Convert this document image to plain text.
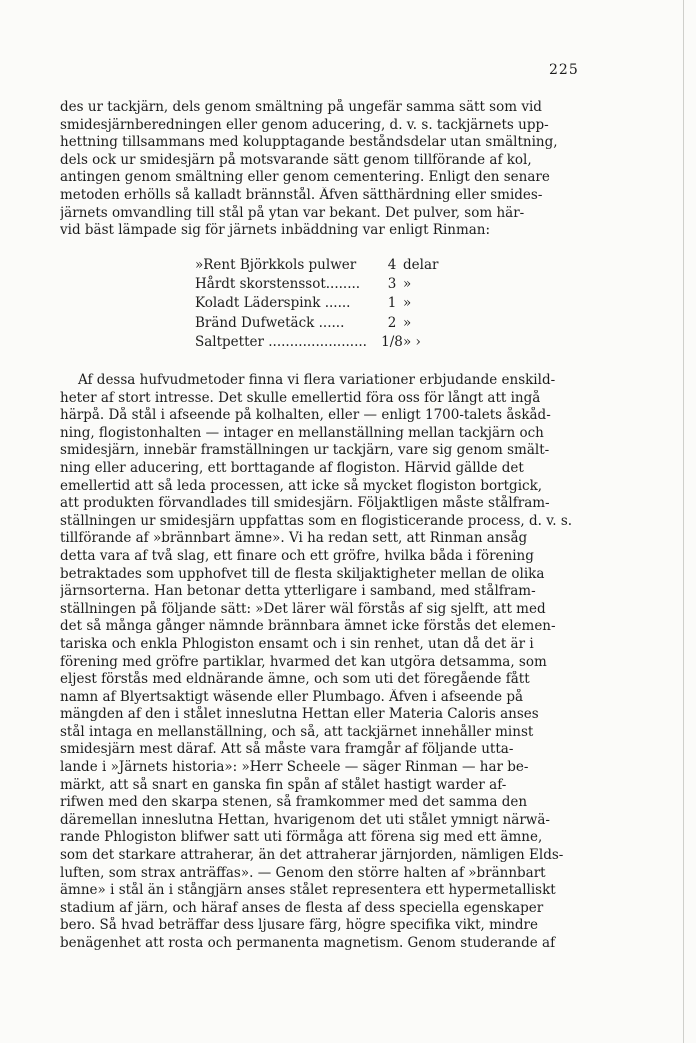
225

des ur tackjärn, dels genom smältning på ungefär samma sätt som vid
smidesjärnberedningen eller genom aducering, d. v. s. tackjärnets upp-
hettning tillsammans med kolupptagande beståndsdelar utan smältning,
dels ock ur smidesjärn på motsvarande sätt genom tillförande af kol,
antingen genom smältning eller genom cementering. Enligt den senare
metoden erhölls så kalladt brännstål. Äfven sätthärdning eller smides-
järnets omvandling till stål på ytan var bekant. Det pulver, som här-
vid bäst lämpade sig för järnets inbäddning var enligt Rinman:

»Rent Björkkols pulwer	4 delar
Hårdt skorstenssot........	3 »
Koladt Läderspink ......	1 »
Bränd Dufwetäck ......	2 »
Saltpetter .......................	1/8 » ›

Af dessa hufvudmetoder finna vi flera variationer erbjudande enskild-
heter af stort intresse. Det skulle emellertid föra oss för långt att ingå
härpå. Då stål i afseende på kolhalten, eller — enligt 1700-talets åskåd-
ning, flogistonhalten — intager en mellanställning mellan tackjärn och
smidesjärn, innebär framställningen ur tackjärn, vare sig genom smält-
ning eller aducering, ett borttagande af flogiston. Härvid gällde det
emellertid att så leda processen, att icke så mycket flogiston bortgick,
att produkten förvandlades till smidesjärn. Följaktligen måste stålfram-
ställningen ur smidesjärn uppfattas som en flogisticerande process, d. v. s.
tillförande af »brännbart ämne». Vi ha redan sett, att Rinman ansåg
detta vara af två slag, ett finare och ett gröfre, hvilka båda i förening
betraktades som upphofvet till de flesta skiljaktigheter mellan de olika
järnsorterna. Han betonar detta ytterligare i samband, med stålfram-
ställningen på följande sätt: »Det lärer wäl förstås af sig sjelft, att med
det så många gånger nämnde brännbara ämnet icke förstås det elemen-
tariska och enkla Phlogiston ensamt och i sin renhet, utan då det är i
förening med gröfre partiklar, hvarmed det kan utgöra detsamma, som
eljest förstås med eldnärande ämne, och som uti det föregående fått
namn af Blyertsaktigt wäsende eller Plumbago. Äfven i afseende på
mängden af den i stålet inneslutna Hettan eller Materia Caloris anses
stål intaga en mellanställning, och så, att tackjärnet innehåller minst
smidesjärn mest däraf. Att så måste vara framgår af följande utta-
lande i »Järnets historia»: »Herr Scheele — säger Rinman — har be-
märkt, att så snart en ganska fin spån af stålet hastigt warder af-
rifwen med den skarpa stenen, så framkommer med det samma den
däremellan inneslutna Hettan, hvarigenom det uti stålet ymnigt närwä-
rande Phlogiston blifwer satt uti förmåga att förena sig med ett ämne,
som det starkare attraherar, än det attraherar järnjorden, nämligen Elds-
luften, som strax anträffas». — Genom den större halten af »brännbart
ämne» i stål än i stångjärn anses stålet representera ett hypermetalliskt
stadium af järn, och häraf anses de flesta af dess speciella egenskaper
bero. Så hvad beträffar dess ljusare färg, högre specifika vikt, mindre
benägenhet att rosta och permanenta magnetism. Genom studerande af
